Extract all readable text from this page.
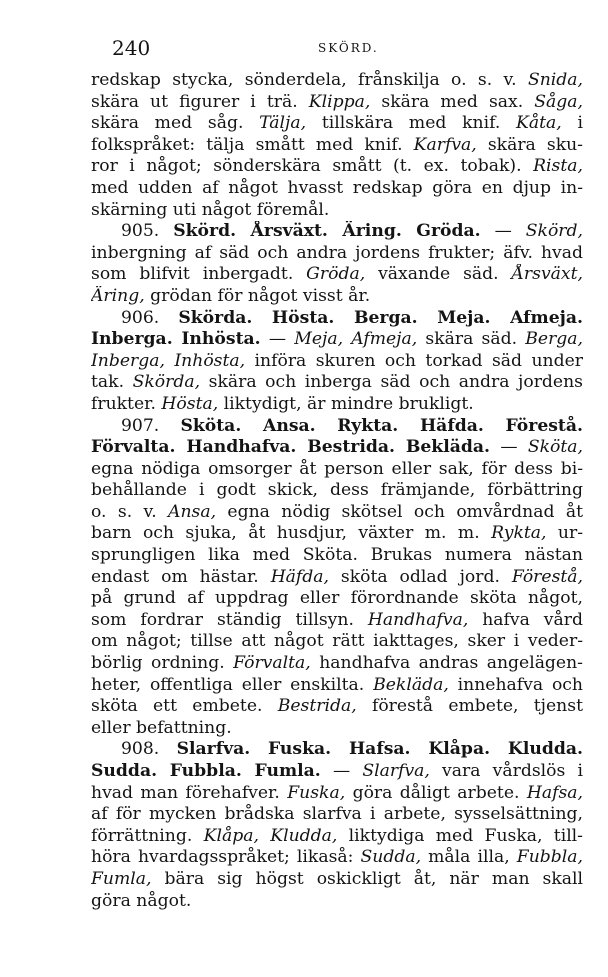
240	SKÖRD.
redskap stycka, sönderdela, frånskilja o. s. v. Snida,
skära ut figurer i trä. Klippa, skära med sax. Såga,
skära med såg. Tälja, tillskära med knif. Kåta, i
folkspråket: tälja smått med knif. Karfva, skära sku-
ror i något; sönderskära smått (t. ex. tobak). Rista,
med udden af något hvasst redskap göra en djup in-
skärning uti något föremål.
905. Skörd. Årsväxt. Äring. Gröda. — Skörd,
inbergning af säd och andra jordens frukter; äfv. hvad
som blifvit inbergadt. Gröda, växande säd. Årsväxt,
Äring, grödan för något visst år.
906. Skörda. Hösta. Berga. Meja. Afmeja.
Inberga. Inhösta. — Meja, Afmeja, skära säd. Berga,
Inberga, Inhösta, införa skuren och torkad säd under
tak. Skörda, skära och inberga säd och andra jordens
frukter. Hösta, liktydigt, är mindre brukligt.
907. Sköta. Ansa. Rykta. Häfda. Förestå.
Förvalta. Handhafva. Bestrida. Bekläda. — Sköta,
egna nödiga omsorger åt person eller sak, för dess bi-
behållande i godt skick, dess främjande, förbättring
o. s. v. Ansa, egna nödig skötsel och omvårdnad åt
barn och sjuka, åt husdjur, växter m. m. Rykta, ur-
sprungligen lika med Sköta. Brukas numera nästan
endast om hästar. Häfda, sköta odlad jord. Förestå,
på grund af uppdrag eller förordnande sköta något,
som fordrar ständig tillsyn. Handhafva, hafva vård
om något; tillse att något rätt iakttages, sker i veder-
börlig ordning. Förvalta, handhafva andras angelägen-
heter, offentliga eller enskilta. Bekläda, innehafva och
sköta ett embete. Bestrida, förestå embete, tjenst
eller befattning.
908. Slarfva. Fuska. Hafsa. Klåpa. Kludda.
Sudda. Fubbla. Fumla. — Slarfva, vara vårdslös i
hvad man förehafver. Fuska, göra dåligt arbete. Hafsa,
af för mycken brådska slarfva i arbete, sysselsättning,
förrättning. Klåpa, Kludda, liktydiga med Fuska, till-
höra hvardagsspråket; likaså: Sudda, måla illa, Fubbla,
Fumla, bära sig högst oskickligt åt, när man skall
göra något.
